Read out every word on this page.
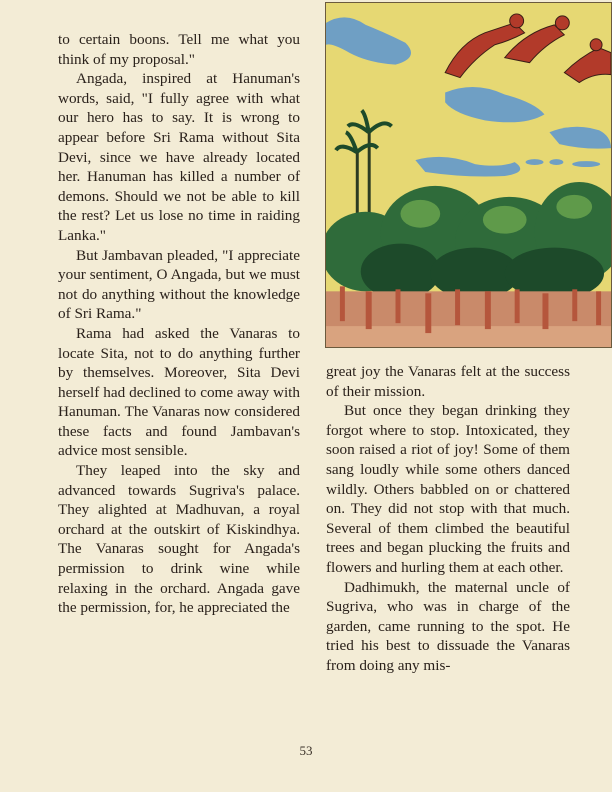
to certain boons. Tell me what you think of my proposal."

Angada, inspired at Hanuman's words, said, "I fully agree with what our hero has to say. It is wrong to appear before Sri Rama without Sita Devi, since we have already located her. Hanuman has killed a number of demons. Should we not be able to kill the rest? Let us lose no time in raiding Lanka."

But Jambavan pleaded, "I appreciate your sentiment, O Angada, but we must not do anything without the knowledge of Sri Rama."

Rama had asked the Vanaras to locate Sita, not to do anything further by themselves. Moreover, Sita Devi herself had declined to come away with Hanuman. The Vanaras now considered these facts and found Jambavan's advice most sensible.

They leaped into the sky and advanced towards Sugriva's palace. They alighted at Madhuvan, a royal orchard at the outskirt of Kiskindhya. The Vanaras sought for Angada's permission to drink wine while relaxing in the orchard. Angada gave the permission, for, he appreciated the

great joy the Vanaras felt at the success of their mission.

But once they began drinking they forgot where to stop. Intoxicated, they soon raised a riot of joy! Some of them sang loudly while some others danced wildly. Others babbled on or chattered on. They did not stop with that much. Several of them climbed the beautiful trees and began plucking the fruits and flowers and hurling them at each other.

Dadhimukh, the maternal uncle of Sugriva, who was in charge of the garden, came running to the spot. He tried his best to dissuade the Vanaras from doing any mis-

53
